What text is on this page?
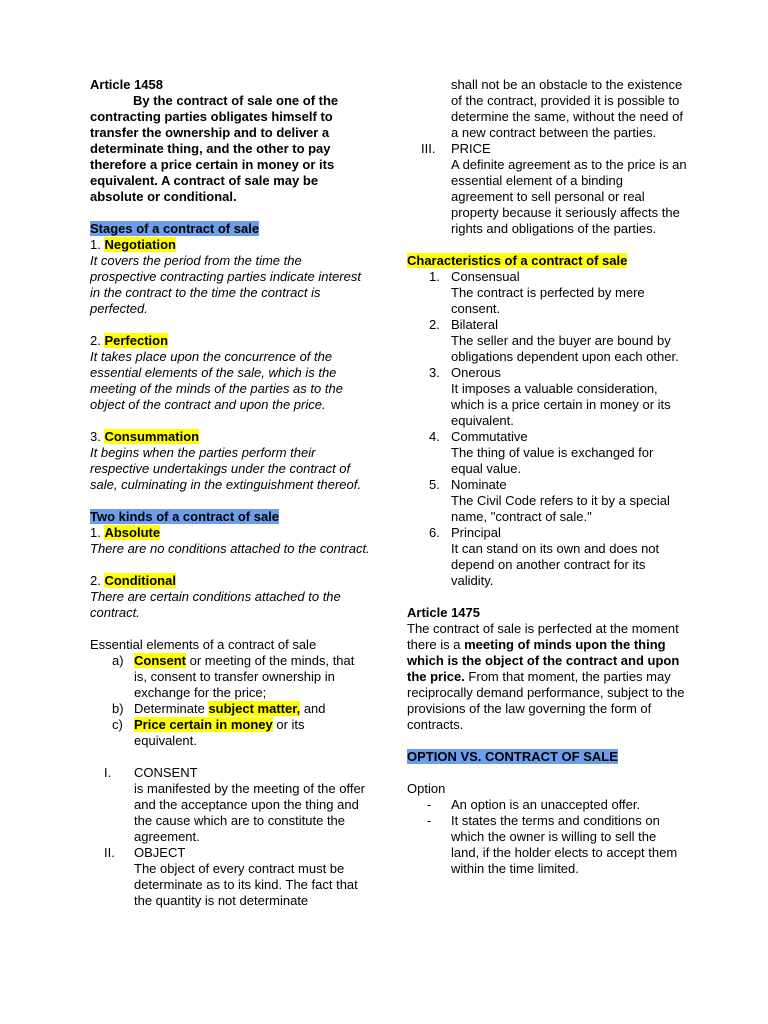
Article 1458

By the contract of sale one of the contracting parties obligates himself to transfer the ownership and to deliver a determinate thing, and the other to pay therefore a price certain in money or its equivalent. A contract of sale may be absolute or conditional.

Stages of a contract of sale
1. Negotiation

It covers the period from the time the prospective contracting parties indicate interest in the contract to the time the contract is perfected.

2. Perfection

It takes place upon the concurrence of the essential elements of the sale, which is the meeting of the minds of the parties as to the object of the contract and upon the price.

3. Consummation

It begins when the parties perform their respective undertakings under the contract of sale, culminating in the extinguishment thereof.

Two kinds of a contract of sale
1. Absolute

There are no conditions attached to the contract.

2. Conditional

There are certain conditions attached to the contract.

Essential elements of a contract of sale
a) Consent or meeting of the minds, that is, consent to transfer ownership in exchange for the price;
b) Determinate subject matter, and
c) Price certain in money or its equivalent.
I.	CONSENT
is manifested by the meeting of the offer and the acceptance upon the thing and the cause which are to constitute the agreement.
II.	OBJECT
The object of every contract must be determinate as to its kind. The fact that the quantity is not determinate
shall not be an obstacle to the existence of the contract, provided it is possible to determine the same, without the need of a new contract between the parties.
III.	PRICE
A definite agreement as to the price is an essential element of a binding agreement to sell personal or real property because it seriously affects the rights and obligations of the parties.
Characteristics of a contract of sale
1. Consensual
The contract is perfected by mere consent.
2. Bilateral
The seller and the buyer are bound by obligations dependent upon each other.
3. Onerous
It imposes a valuable consideration, which is a price certain in money or its equivalent.
4. Commutative
The thing of value is exchanged for equal value.
5. Nominate
The Civil Code refers to it by a special name, "contract of sale."
6. Principal
It can stand on its own and does not depend on another contract for its validity.
Article 1475

The contract of sale is perfected at the moment there is a meeting of minds upon the thing which is the object of the contract and upon the price. From that moment, the parties may reciprocally demand performance, subject to the provisions of the law governing the form of contracts.

OPTION VS. CONTRACT OF SALE
Option
-	An option is an unaccepted offer.
-	It states the terms and conditions on which the owner is willing to sell the land, if the holder elects to accept them within the time limited.
